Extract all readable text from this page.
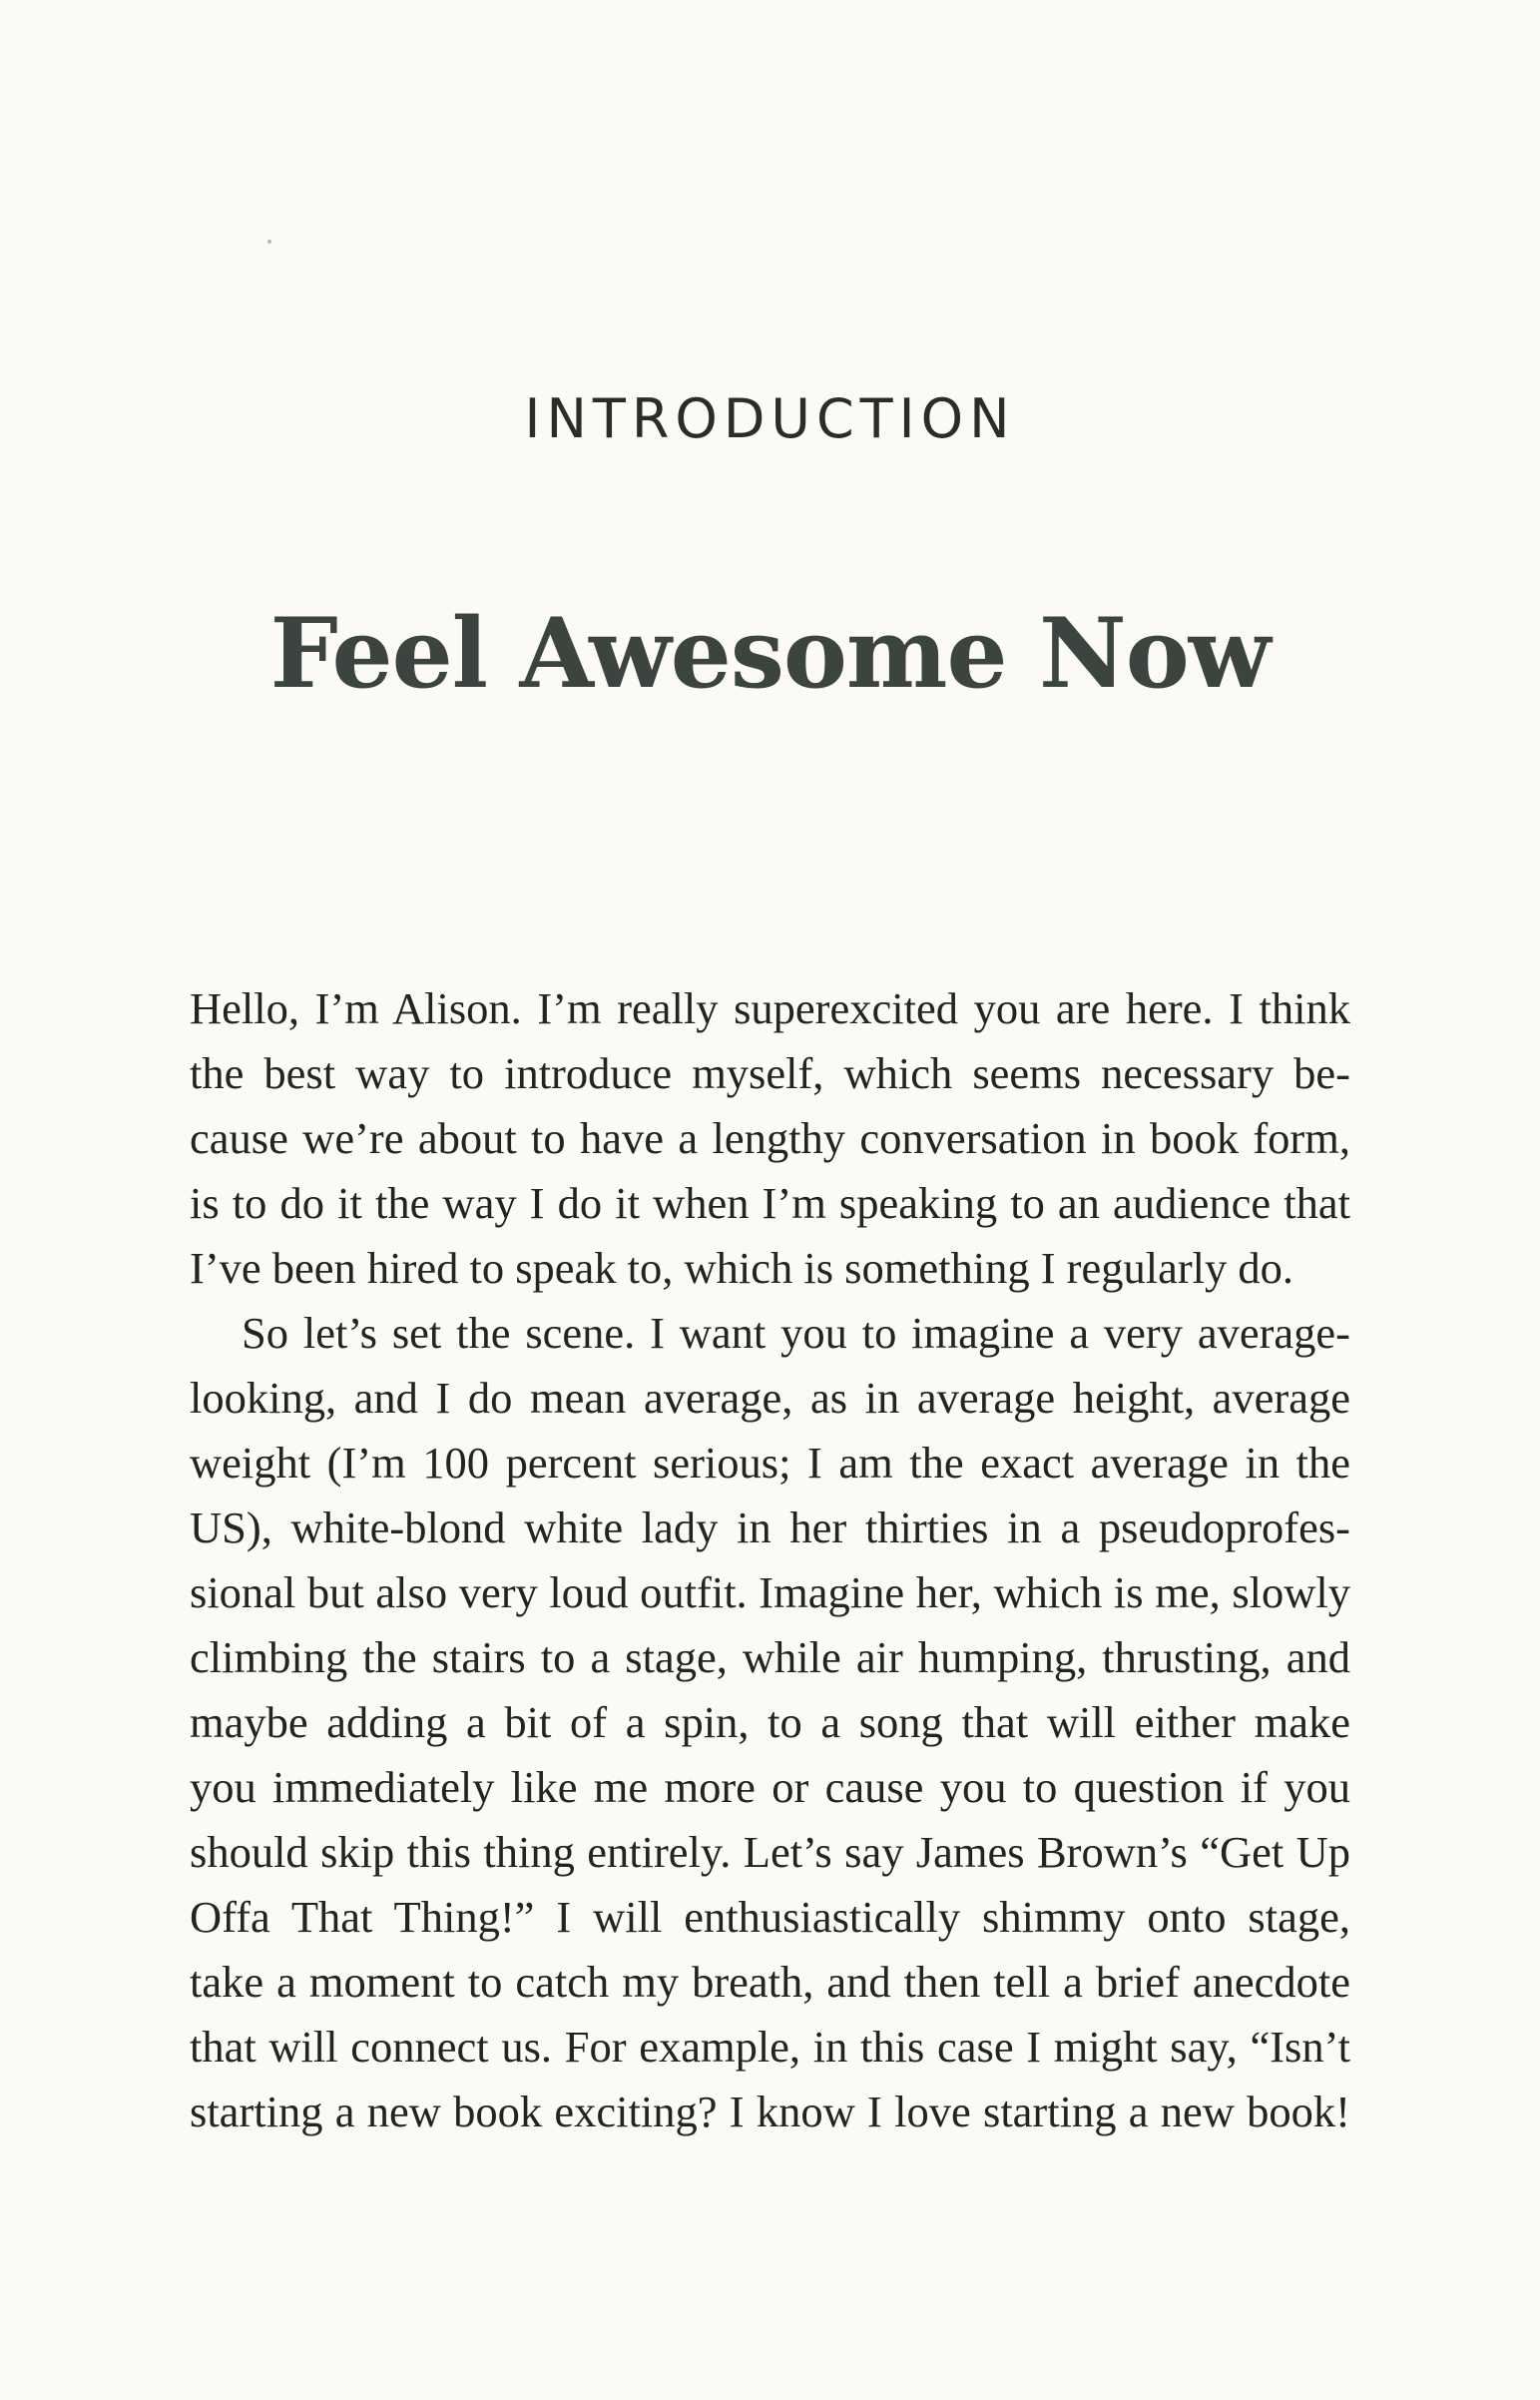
INTRODUCTION
Feel Awesome Now
Hello, I’m Alison. I’m really superexcited you are here. I think
the best way to introduce myself, which seems necessary be-
cause we’re about to have a lengthy conversation in book form,
is to do it the way I do it when I’m speaking to an audience that
I’ve been hired to speak to, which is something I regularly do.
So let’s set the scene. I want you to imagine a very average-
looking, and I do mean average, as in average height, average
weight (I’m 100 percent serious; I am the exact average in the
US), white-blond white lady in her thirties in a pseudoprofes-
sional but also very loud outfit. Imagine her, which is me, slowly
climbing the stairs to a stage, while air humping, thrusting, and
maybe adding a bit of a spin, to a song that will either make
you immediately like me more or cause you to question if you
should skip this thing entirely. Let’s say James Brown’s “Get Up
Offa That Thing!” I will enthusiastically shimmy onto stage,
take a moment to catch my breath, and then tell a brief anecdote
that will connect us. For example, in this case I might say, “Isn’t
starting a new book exciting? I know I love starting a new book!
